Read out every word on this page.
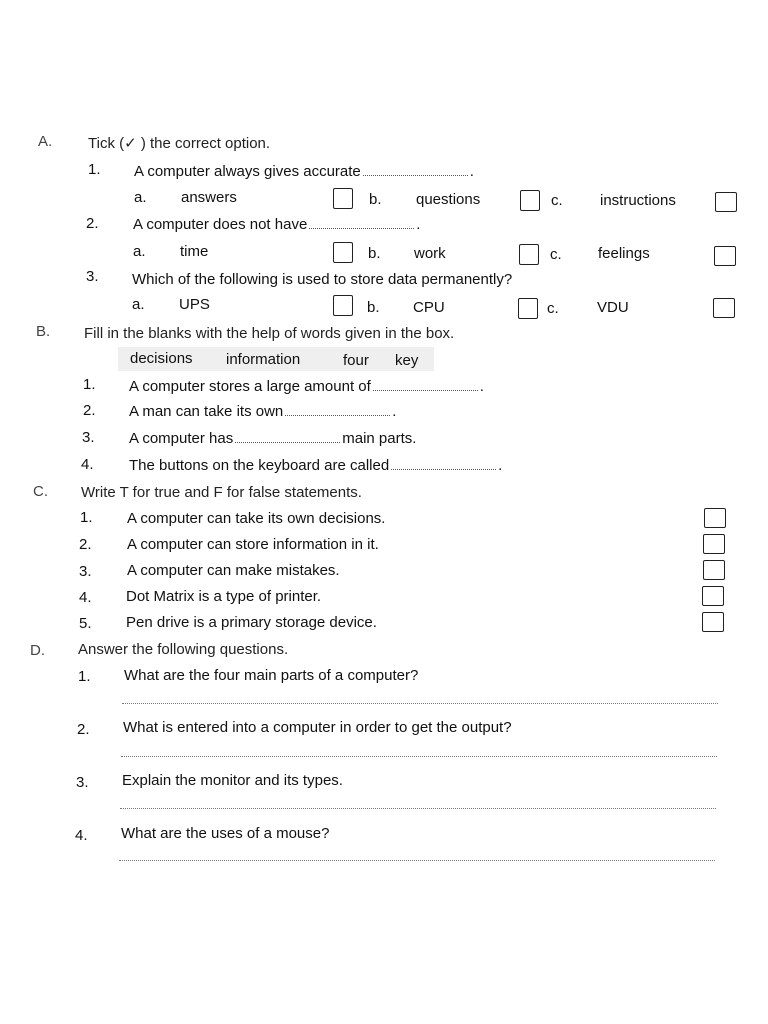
A. Tick (✓ ) the correct option.
1. A computer always gives accurate	.
a. answers	b. questions	c. instructions
2. A computer does not have	.
a. time	b. work	c. feelings
3. Which of the following is used to store data permanently?
a. UPS	b. CPU	c.	VDU
B. Fill in the blanks with the help of words given in the box.
decisions information	four key
1. A computer stores a large amount of	.
2. A man can take its own	.
3. A computer has	main parts.
4. The buttons on the keyboard are called	.
C. Write T for true and F for false statements.
1. A computer can take its own decisions.
2. A computer can store information in it.
3. A computer can make mistakes.
4. Dot Matrix is a type of printer.
5. Pen drive is a primary storage device.
D. Answer the following questions.
1. What are the four main parts of a computer?
2. What is entered into a computer in order to get the output?
3. Explain the monitor and its types.
4. What are the uses of a mouse?
